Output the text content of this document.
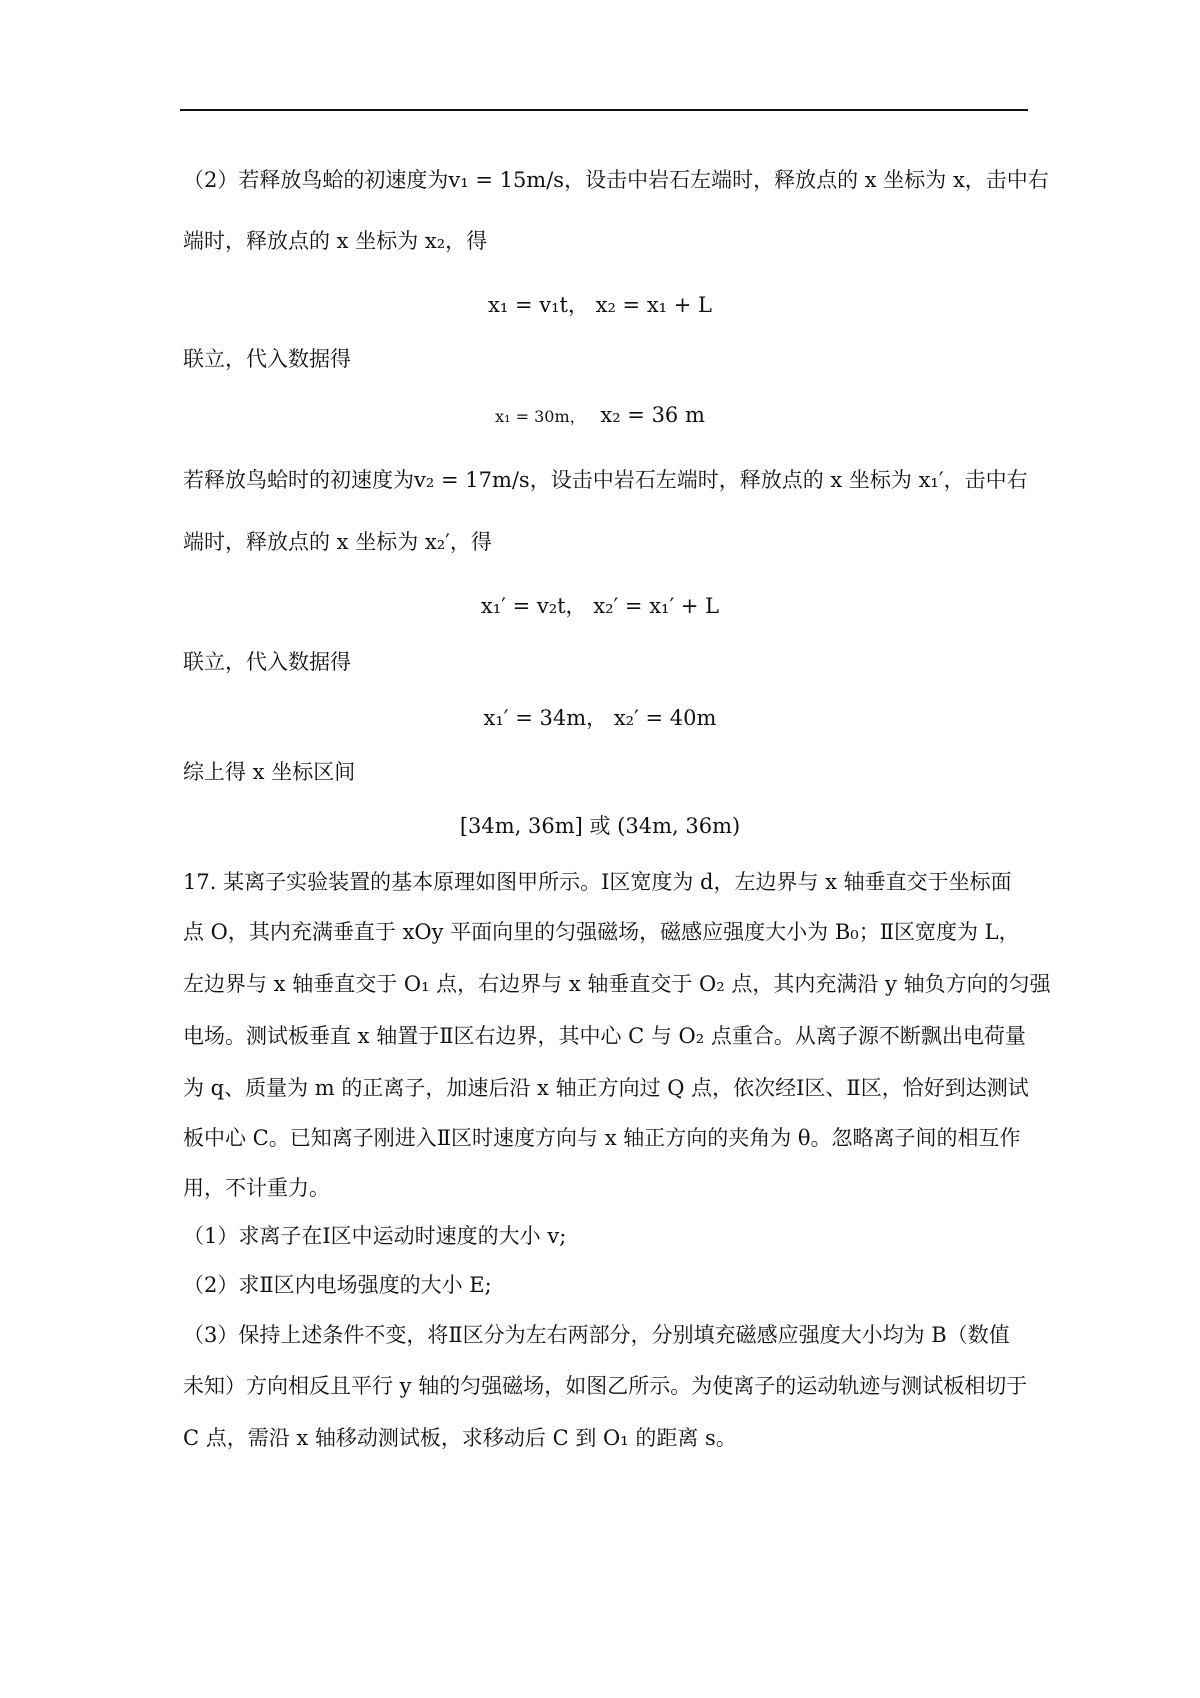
（2）若释放鸟蛤的初速度为v₁ = 15m/s，设击中岩石左端时，释放点的 x 坐标为 x，击中右
端时，释放点的 x 坐标为 x₂，得
x₁ = v₁t， x₂ = x₁ + L
联立，代入数据得
x₁ = 30m， x₂ = 36 m
若释放鸟蛤时的初速度为v₂ = 17m/s，设击中岩石左端时，释放点的 x 坐标为 x₁′，击中右
端时，释放点的 x 坐标为 x₂′，得
x₁′ = v₂t， x₂′ = x₁′ + L
联立，代入数据得
x₁′ = 34m， x₂′ = 40m
综上得 x 坐标区间
[34m, 36m] 或 (34m, 36m)
17. 某离子实验装置的基本原理如图甲所示。Ⅰ区宽度为 d，左边界与 x 轴垂直交于坐标面
点 O，其内充满垂直于 xOy 平面向里的匀强磁场，磁感应强度大小为 B₀；Ⅱ区宽度为 L，
左边界与 x 轴垂直交于 O₁ 点，右边界与 x 轴垂直交于 O₂ 点，其内充满沿 y 轴负方向的匀强
电场。测试板垂直 x 轴置于Ⅱ区右边界，其中心 C 与 O₂ 点重合。从离子源不断飘出电荷量
为 q、质量为 m 的正离子，加速后沿 x 轴正方向过 Q 点，依次经Ⅰ区、Ⅱ区，恰好到达测试
板中心 C。已知离子刚进入Ⅱ区时速度方向与 x 轴正方向的夹角为 θ。忽略离子间的相互作
用，不计重力。
（1）求离子在Ⅰ区中运动时速度的大小 v;
（2）求Ⅱ区内电场强度的大小 E;
（3）保持上述条件不变，将Ⅱ区分为左右两部分，分别填充磁感应强度大小均为 B（数值
未知）方向相反且平行 y 轴的匀强磁场，如图乙所示。为使离子的运动轨迹与测试板相切于
C 点，需沿 x 轴移动测试板，求移动后 C 到 O₁ 的距离 s。
